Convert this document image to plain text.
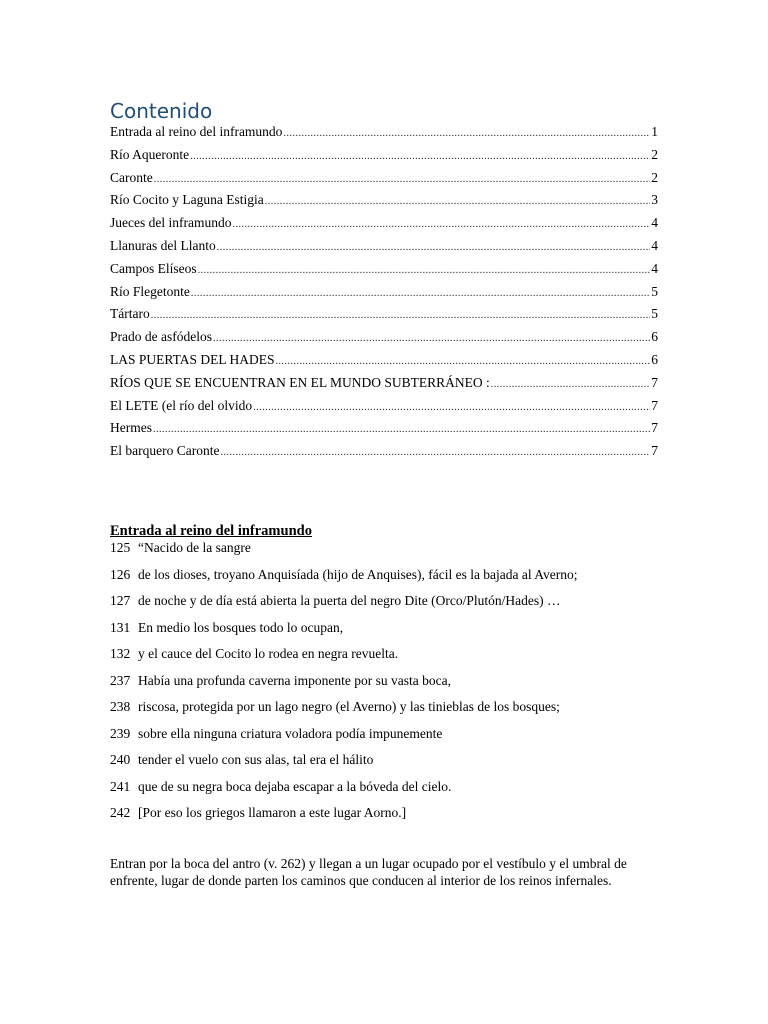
Contenido
Entrada al reino del inframundo .....	1
Río Aqueronte .....	2
Caronte .....	2
Río Cocito y Laguna Estigia .....	3
Jueces del inframundo .....	4
Llanuras del Llanto .....	4
Campos Elíseos .....	4
Río Flegetonte .....	5
Tártaro .....	5
Prado de asfódelos .....	6
LAS PUERTAS DEL HADES .....	6
RÍOS QUE SE ENCUENTRAN EN EL MUNDO SUBTERRÁNEO : .....	7
El LETE (el río del olvido .....	7
Hermes .....	7
El barquero Caronte .....	7
Entrada al reino del inframundo
125 “Nacido de la sangre
126 de los dioses, troyano Anquisíada (hijo de Anquises), fácil es la bajada al Averno;
127 de noche y de día está abierta la puerta del negro Dite (Orco/Plutón/Hades) …
131 En medio los bosques todo lo ocupan,
132 y el cauce del Cocito lo rodea en negra revuelta.
237 Había una profunda caverna imponente por su vasta boca,
238 riscosa, protegida por un lago negro (el Averno) y las tinieblas de los bosques;
239 sobre ella ninguna criatura voladora podía impunemente
240 tender el vuelo con sus alas, tal era el hálito
241 que de su negra boca dejaba escapar a la bóveda del cielo.
242 [Por eso los griegos llamaron a este lugar Aorno.]

Entran por la boca del antro (v. 262) y llegan a un lugar ocupado por el vestíbulo y el umbral de enfrente, lugar de donde parten los caminos que conducen al interior de los reinos infernales.
